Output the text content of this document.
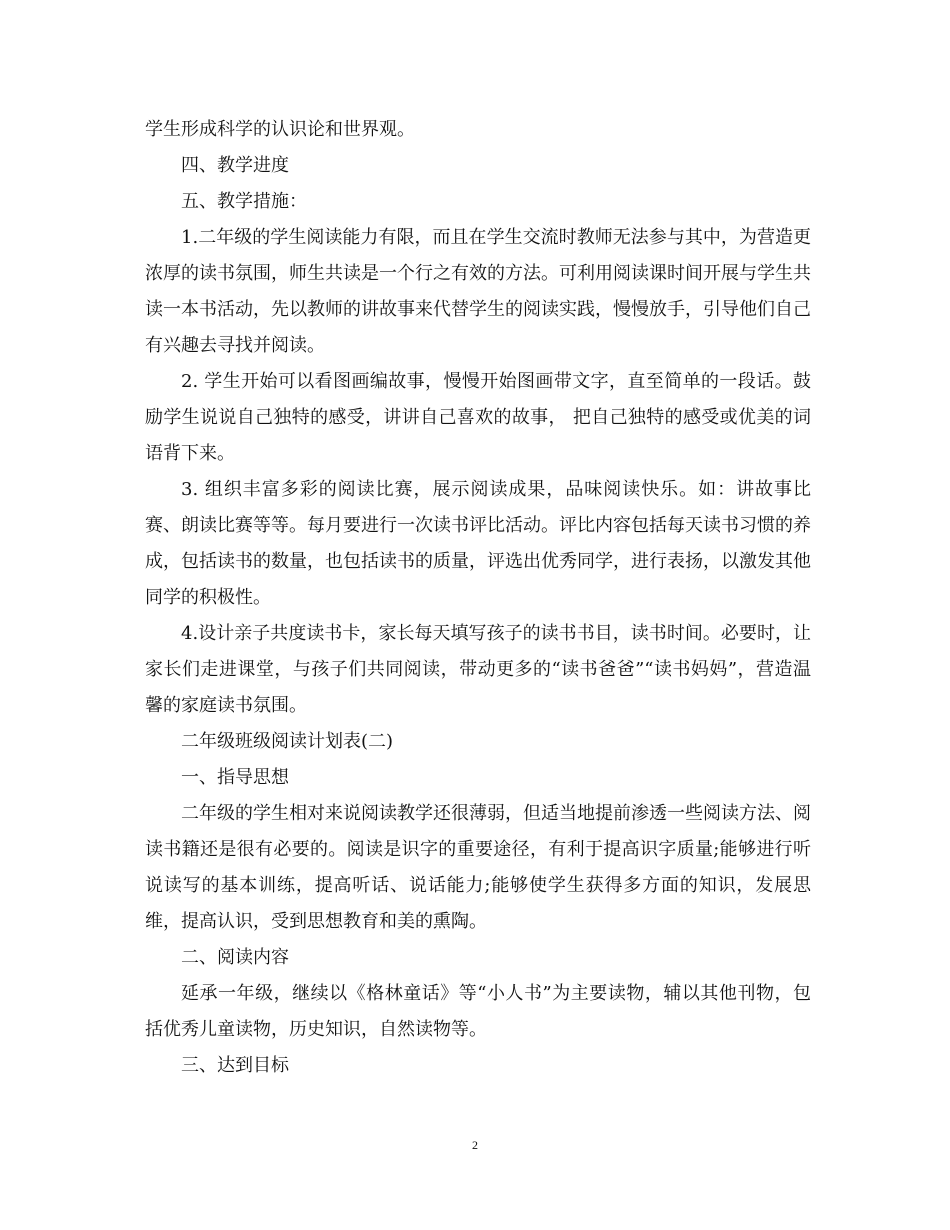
学生形成科学的认识论和世界观。

四、教学进度

五、教学措施：

1.二年级的学生阅读能力有限，而且在学生交流时教师无法参与其中，为营造更浓厚的读书氛围，师生共读是一个行之有效的方法。可利用阅读课时间开展与学生共读一本书活动，先以教师的讲故事来代替学生的阅读实践，慢慢放手，引导他们自己有兴趣去寻找并阅读。

2. 学生开始可以看图画编故事，慢慢开始图画带文字，直至简单的一段话。鼓励学生说说自己独特的感受，讲讲自己喜欢的故事， 把自己独特的感受或优美的词语背下来。

3. 组织丰富多彩的阅读比赛，展示阅读成果，品味阅读快乐。如：讲故事比赛、朗读比赛等等。每月要进行一次读书评比活动。评比内容包括每天读书习惯的养成，包括读书的数量，也包括读书的质量，评选出优秀同学，进行表扬，以激发其他同学的积极性。

4.设计亲子共度读书卡，家长每天填写孩子的读书书目，读书时间。必要时，让家长们走进课堂，与孩子们共同阅读，带动更多的“读书爸爸”“读书妈妈”，营造温馨的家庭读书氛围。

二年级班级阅读计划表(二)

一、指导思想

二年级的学生相对来说阅读教学还很薄弱，但适当地提前渗透一些阅读方法、阅读书籍还是很有必要的。阅读是识字的重要途径，有利于提高识字质量;能够进行听说读写的基本训练，提高听话、说话能力;能够使学生获得多方面的知识，发展思维，提高认识，受到思想教育和美的熏陶。

二、阅读内容

延承一年级，继续以《格林童话》等“小人书”为主要读物，辅以其他刊物，包括优秀儿童读物，历史知识，自然读物等。

三、达到目标

2
